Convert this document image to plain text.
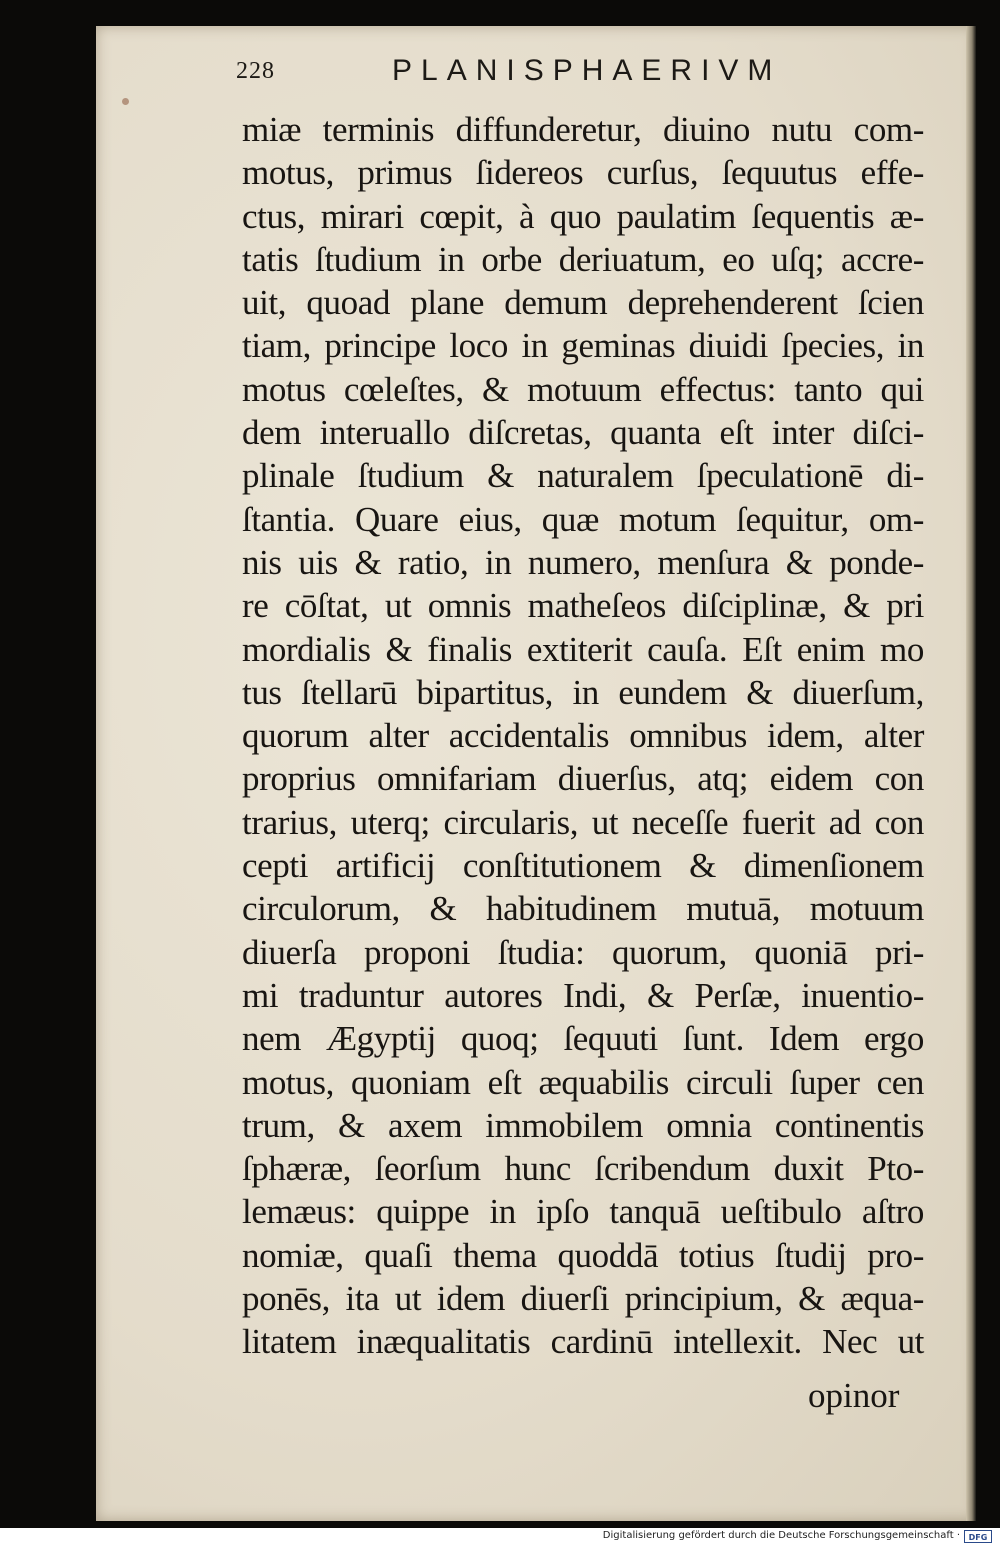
228	PLANISPHAERIVM
miæ terminis diffunderetur, diuino nutu com-
motus, primus ſidereos curſus, ſequutus effe-
ctus, mirari cœpit, à quo paulatim ſequentis æ-
tatis ſtudium in orbe deriuatum, eo uſq; accre-
uit, quoad plane demum deprehenderent ſcien
tiam, principe loco in geminas diuidi ſpecies, in
motus cœleſtes, & motuum effectus: tanto qui
dem interuallo diſcretas, quanta eſt inter diſci-
plinale ſtudium & naturalem ſpeculationē di-
ſtantia. Quare eius, quæ motum ſequitur, om-
nis uis & ratio, in numero, menſura & ponde-
re cōſtat, ut omnis matheſeos diſciplinæ, & pri
mordialis & finalis extiterit cauſa. Eſt enim mo
tus ſtellarū bipartitus, in eundem & diuerſum,
quorum alter accidentalis omnibus idem, alter
proprius omnifariam diuerſus, atq; eidem con
trarius, uterq; circularis, ut neceſſe fuerit ad con
cepti artificij conſtitutionem & dimenſionem
circulorum, & habitudinem mutuā, motuum
diuerſa proponi ſtudia: quorum, quoniā pri-
mi traduntur autores Indi, & Perſæ, inuentio-
nem Ægyptij quoq; ſequuti ſunt. Idem ergo
motus, quoniam eſt æquabilis circuli ſuper cen
trum, & axem immobilem omnia continentis
ſphæræ, ſeorſum hunc ſcribendum duxit Pto-
lemæus: quippe in ipſo tanquā ueſtibulo aſtro
nomiæ, quaſi thema quoddā totius ſtudij pro-
ponēs, ita ut idem diuerſi principium, & æqua-
litatem inæqualitatis cardinū intellexit. Nec ut
opinor
Digitalisierung gefördert durch die Deutsche Forschungsgemeinschaft ·	DFG
